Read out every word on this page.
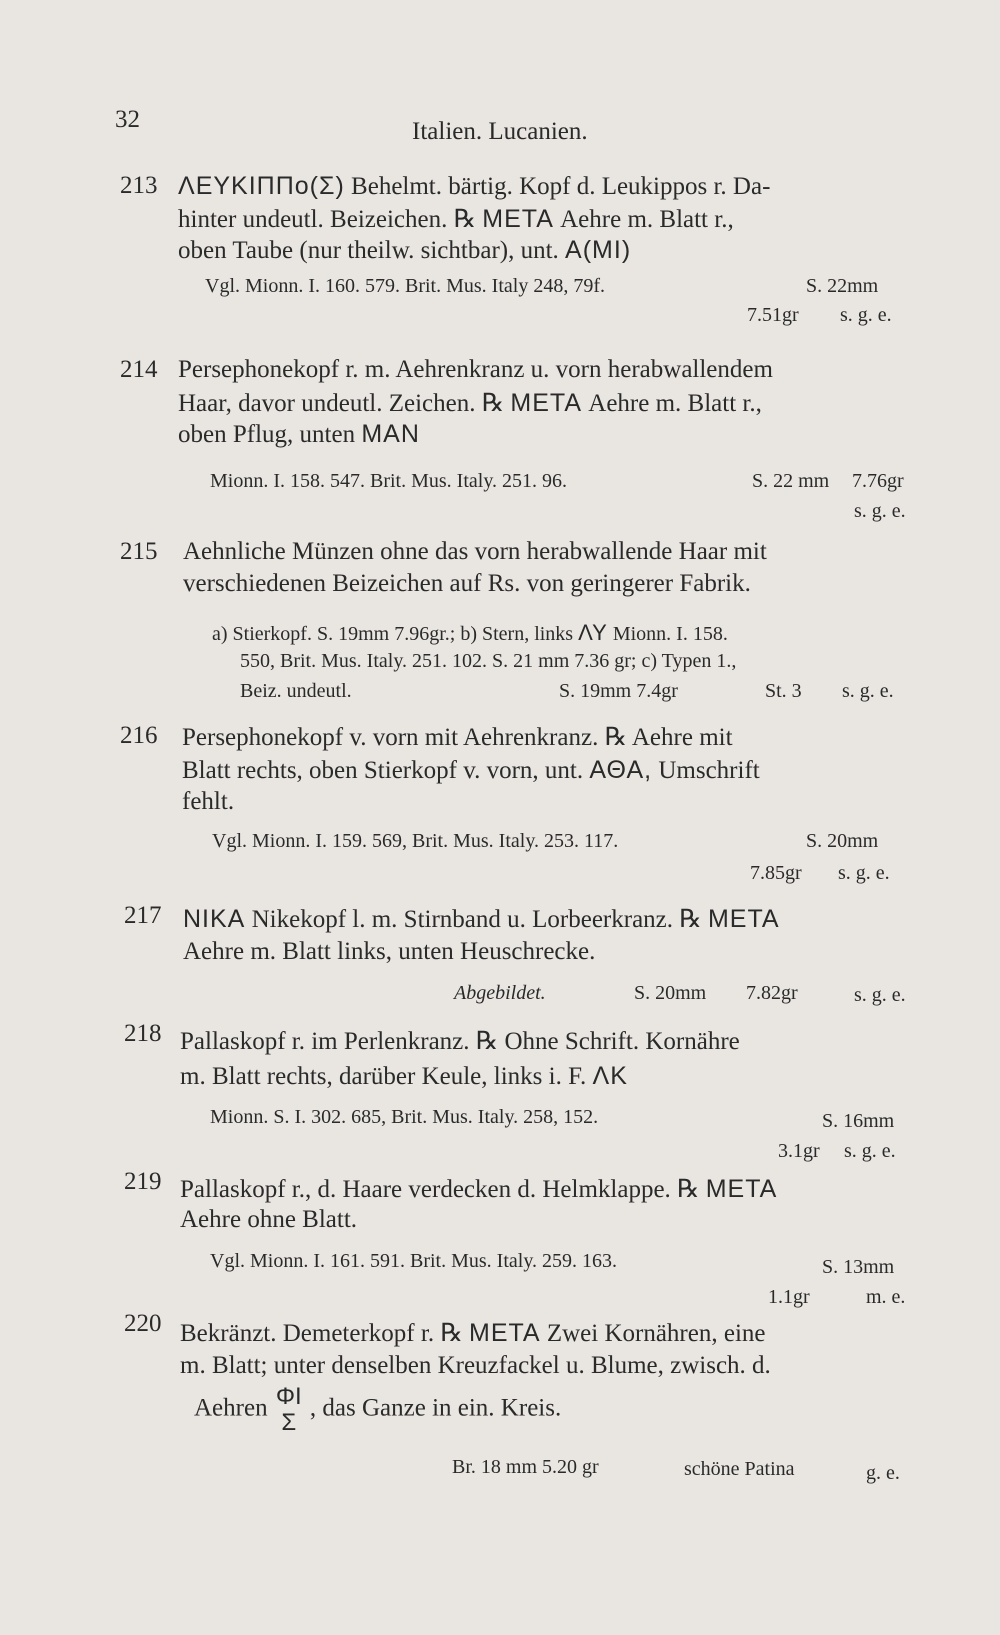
32	Italien. Lucanien.
213 ΛΕΥΚΙΠΠo(Σ) Behelmt. bärtig. Kopf d. Leukippos r. Da-
hinter undeutl. Beizeichen. ℞ ΜΕΤΑ Aehre m. Blatt r.,
oben Taube (nur theilw. sichtbar), unt. Α(ΜΙ)
Vgl. Mionn. I. 160. 579. Brit. Mus. Italy 248, 79f.	S. 22mm
7.51gr s. g. e.
214 Persephonekopf r. m. Aehrenkranz u. vorn herabwallendem
Haar, davor undeutl. Zeichen. ℞ ΜΕΤΑ Aehre m. Blatt r.,
oben Pflug, unten ΜΑΝ
Mionn. I. 158. 547. Brit. Mus. Italy. 251. 96.	S. 22 mm 7.76gr
s. g. e.
215 Aehnliche Münzen ohne das vorn herabwallende Haar mit
verschiedenen Beizeichen auf Rs. von geringerer Fabrik.
a) Stierkopf. S. 19mm 7.96gr.; b) Stern, links ΛΥ Mionn. I. 158.
550, Brit. Mus. Italy. 251. 102. S. 21 mm 7.36 gr; c) Typen 1.,
Beiz. undeutl.	S. 19mm 7.4gr	St. 3 s. g. e.
216 Persephonekopf v. vorn mit Aehrenkranz. ℞ Aehre mit
Blatt rechts, oben Stierkopf v. vorn, unt. ΑΘΑ, Umschrift
fehlt.
Vgl. Mionn. I. 159. 569, Brit. Mus. Italy. 253. 117.	S. 20mm
7.85gr s. g. e.
217 ΝΙΚΑ Nikekopf l. m. Stirnband u. Lorbeerkranz. ℞ ΜΕΤΑ
Aehre m. Blatt links, unten Heuschrecke.
Abgebildet.	S. 20mm 7.82gr	s. g. e.
218 Pallaskopf r. im Perlenkranz. ℞ Ohne Schrift. Kornähre
m. Blatt rechts, darüber Keule, links i. F. ΛΚ
Mionn. S. I. 302. 685, Brit. Mus. Italy. 258, 152.	S. 16mm
3.1gr s. g. e.
219 Pallaskopf r., d. Haare verdecken d. Helmklappe. ℞ ΜΕΤΑ
Aehre ohne Blatt.
Vgl. Mionn. I. 161. 591. Brit. Mus. Italy. 259. 163.	S. 13mm
1.1gr	m. e.
220 Bekränzt. Demeterkopf r. ℞ ΜΕΤΑ Zwei Kornähren, eine
m. Blatt; unter denselben Kreuzfackel u. Blume, zwisch. d.
Aehren ΦΙ
Σ
, das Ganze in ein. Kreis.
Br. 18 mm 5.20 gr	schöne Patina	g. e.
